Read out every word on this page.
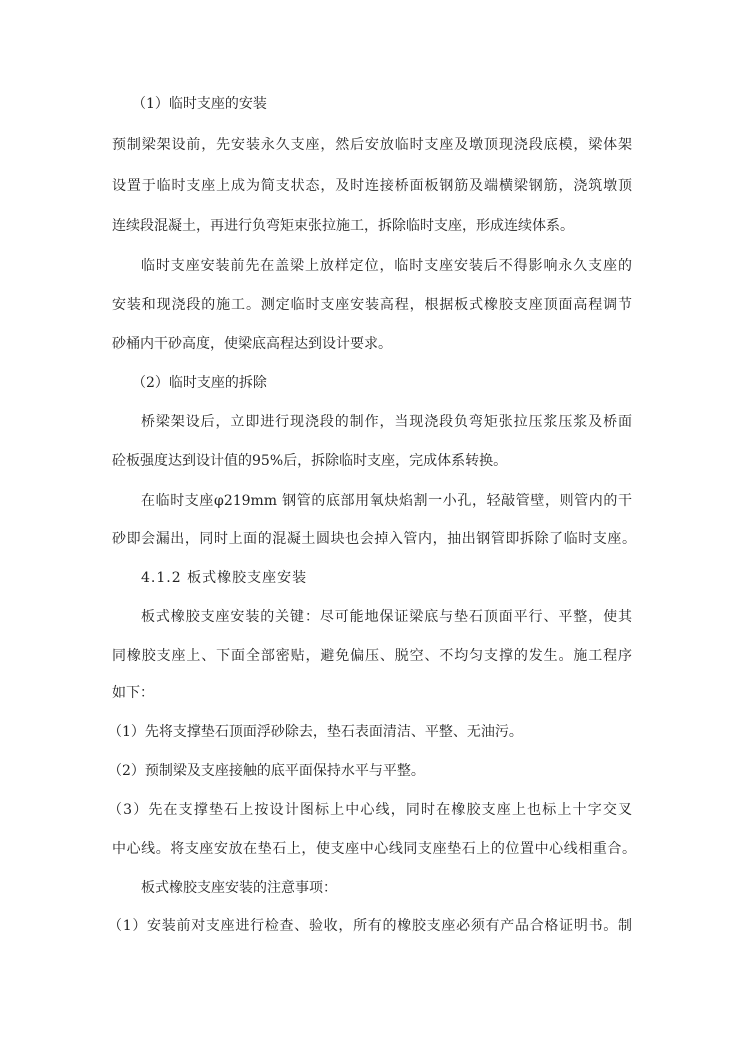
（1）临时支座的安装
预制梁架设前，先安装永久支座，然后安放临时支座及墩顶现浇段底模，梁体架
设置于临时支座上成为简支状态，及时连接桥面板钢筋及端横梁钢筋，浇筑墩顶
连续段混凝土，再进行负弯矩束张拉施工，拆除临时支座，形成连续体系。
临时支座安装前先在盖梁上放样定位，临时支座安装后不得影响永久支座的
安装和现浇段的施工。测定临时支座安装高程，根据板式橡胶支座顶面高程调节
砂桶内干砂高度，使梁底高程达到设计要求。
（2）临时支座的拆除
桥梁架设后，立即进行现浇段的制作，当现浇段负弯矩张拉压浆压浆及桥面
砼板强度达到设计值的95%后，拆除临时支座，完成体系转换。
在临时支座φ219mm 钢管的底部用氧炔焰割一小孔，轻敲管壁，则管内的干
砂即会漏出，同时上面的混凝土圆块也会掉入管内，抽出钢管即拆除了临时支座。
4.1.2 板式橡胶支座安装
板式橡胶支座安装的关键：尽可能地保证梁底与垫石顶面平行、平整，使其
同橡胶支座上、下面全部密贴，避免偏压、脱空、不均匀支撑的发生。施工程序
如下：
（1）先将支撑垫石顶面浮砂除去，垫石表面清洁、平整、无油污。
（2）预制梁及支座接触的底平面保持水平与平整。
（3）先在支撑垫石上按设计图标上中心线，同时在橡胶支座上也标上十字交叉
中心线。将支座安放在垫石上，使支座中心线同支座垫石上的位置中心线相重合。
板式橡胶支座安装的注意事项：
（1）安装前对支座进行检查、验收，所有的橡胶支座必须有产品合格证明书。制
